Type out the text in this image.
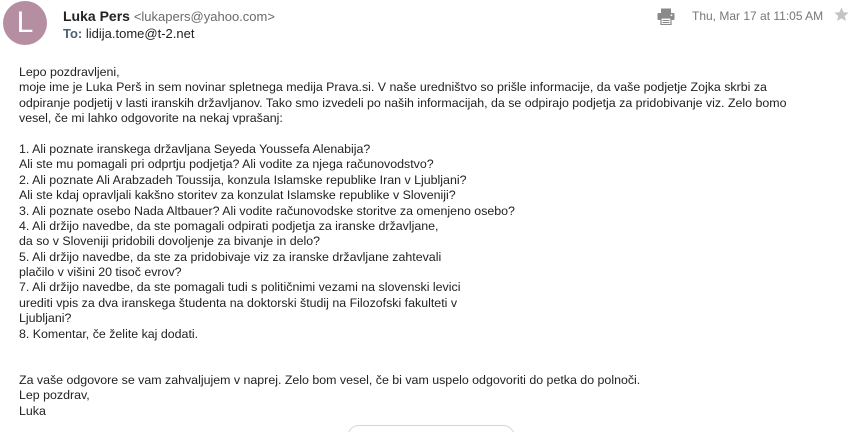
L	Luka Pers <lukapers@yahoo.com>
To: lidija.tome@t-2.net
Thu, Mar 17 at 11:05 AM
Lepo pozdravljeni,
moje ime je Luka Perš in sem novinar spletnega medija Prava.si. V naše uredništvo so prišle informacije, da vaše podjetje Zojka skrbi za
odpiranje podjetij v lasti iranskih državljanov. Tako smo izvedeli po naših informacijah, da se odpirajo podjetja za pridobivanje viz. Zelo bomo
vesel, če mi lahko odgovorite na nekaj vprašanj:
1. Ali poznate iranskega državljana Seyeda Youssefa Alenabija?
Ali ste mu pomagali pri odprtju podjetja? Ali vodite za njega računovodstvo?
2. Ali poznate Ali Arabzadeh Toussija, konzula Islamske republike Iran v Ljubljani?
Ali ste kdaj opravljali kakšno storitev za konzulat Islamske republike v Sloveniji?
3. Ali poznate osebo Nada Altbauer? Ali vodite računovodske storitve za omenjeno osebo?
4. Ali držijo navedbe, da ste pomagali odpirati podjetja za iranske državljane,
da so v Sloveniji pridobili dovoljenje za bivanje in delo?
5. Ali držijo navedbe, da ste za pridobivaje viz za iranske državljane zahtevali
plačilo v višini 20 tisoč evrov?
7. Ali držijo navedbe, da ste pomagali tudi s političnimi vezami na slovenski levici
urediti vpis za dva iranskega študenta na doktorski študij na Filozofski fakulteti v
Ljubljani?
8. Komentar, če želite kaj dodati.
Za vaše odgovore se vam zahvaljujem v naprej. Zelo bom vesel, če bi vam uspelo odgovoriti do petka do polnoči.
Lep pozdrav,
Luka
